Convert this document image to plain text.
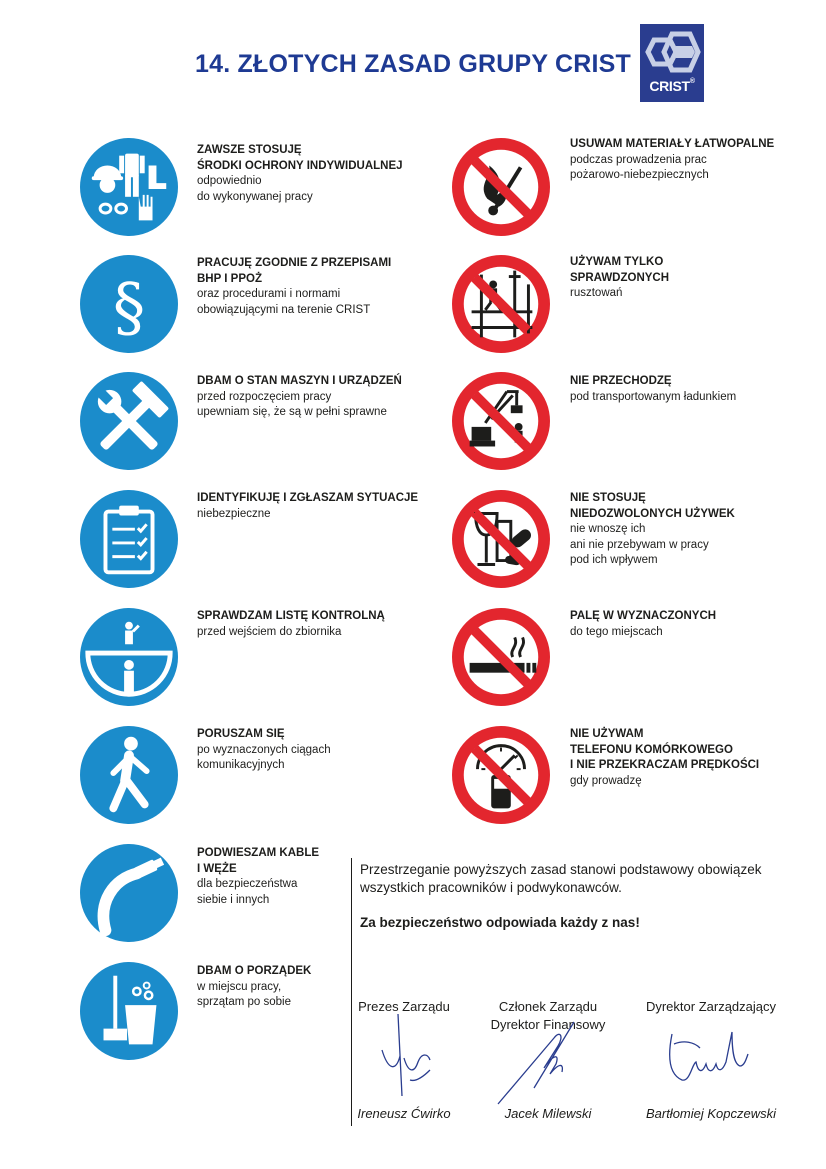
14. ZŁOTYCH ZASAD GRUPY CRIST
CRIST®
§
ZAWSZE STOSUJĘ
ŚRODKI OCHRONY INDYWIDUALNEJ
odpowiednio
do wykonywanej pracy
PRACUJĘ ZGODNIE Z PRZEPISAMI
BHP I PPOŻ
oraz procedurami i normami
obowiązującymi na terenie CRIST
DBAM O STAN MASZYN I URZĄDZEŃ
przed rozpoczęciem pracy
upewniam się, że są w pełni sprawne
IDENTYFIKUJĘ I ZGŁASZAM SYTUACJE
niebezpieczne
SPRAWDZAM LISTĘ KONTROLNĄ
przed wejściem do zbiornika
PORUSZAM SIĘ
po wyznaczonych ciągach
komunikacyjnych
PODWIESZAM KABLE
I WĘŻE
dla bezpieczeństwa
siebie i innych
DBAM O PORZĄDEK
w miejscu pracy,
sprzątam po sobie
USUWAM MATERIAŁY ŁATWOPALNE
podczas prowadzenia prac
pożarowo-niebezpiecznych
UŻYWAM TYLKO
SPRAWDZONYCH
rusztowań
NIE PRZECHODZĘ
pod transportowanym ładunkiem
NIE STOSUJĘ
NIEDOZWOLONYCH UŻYWEK
nie wnoszę ich
ani nie przebywam w pracy
pod ich wpływem
PALĘ W WYZNACZONYCH
do tego miejscach
NIE UŻYWAM
TELEFONU KOMÓRKOWEGO
I NIE PRZEKRACZAM PRĘDKOŚCI
gdy prowadzę
Przestrzeganie powyższych zasad stanowi podstawowy obowiązek
wszystkich pracowników i podwykonawców.
Za bezpieczeństwo odpowiada każdy z nas!
Prezes Zarządu	Członek Zarządu
Dyrektor Finansowy
Dyrektor Zarządzający
Ireneusz Ćwirko	Jacek Milewski	Bartłomiej Kopczewski
